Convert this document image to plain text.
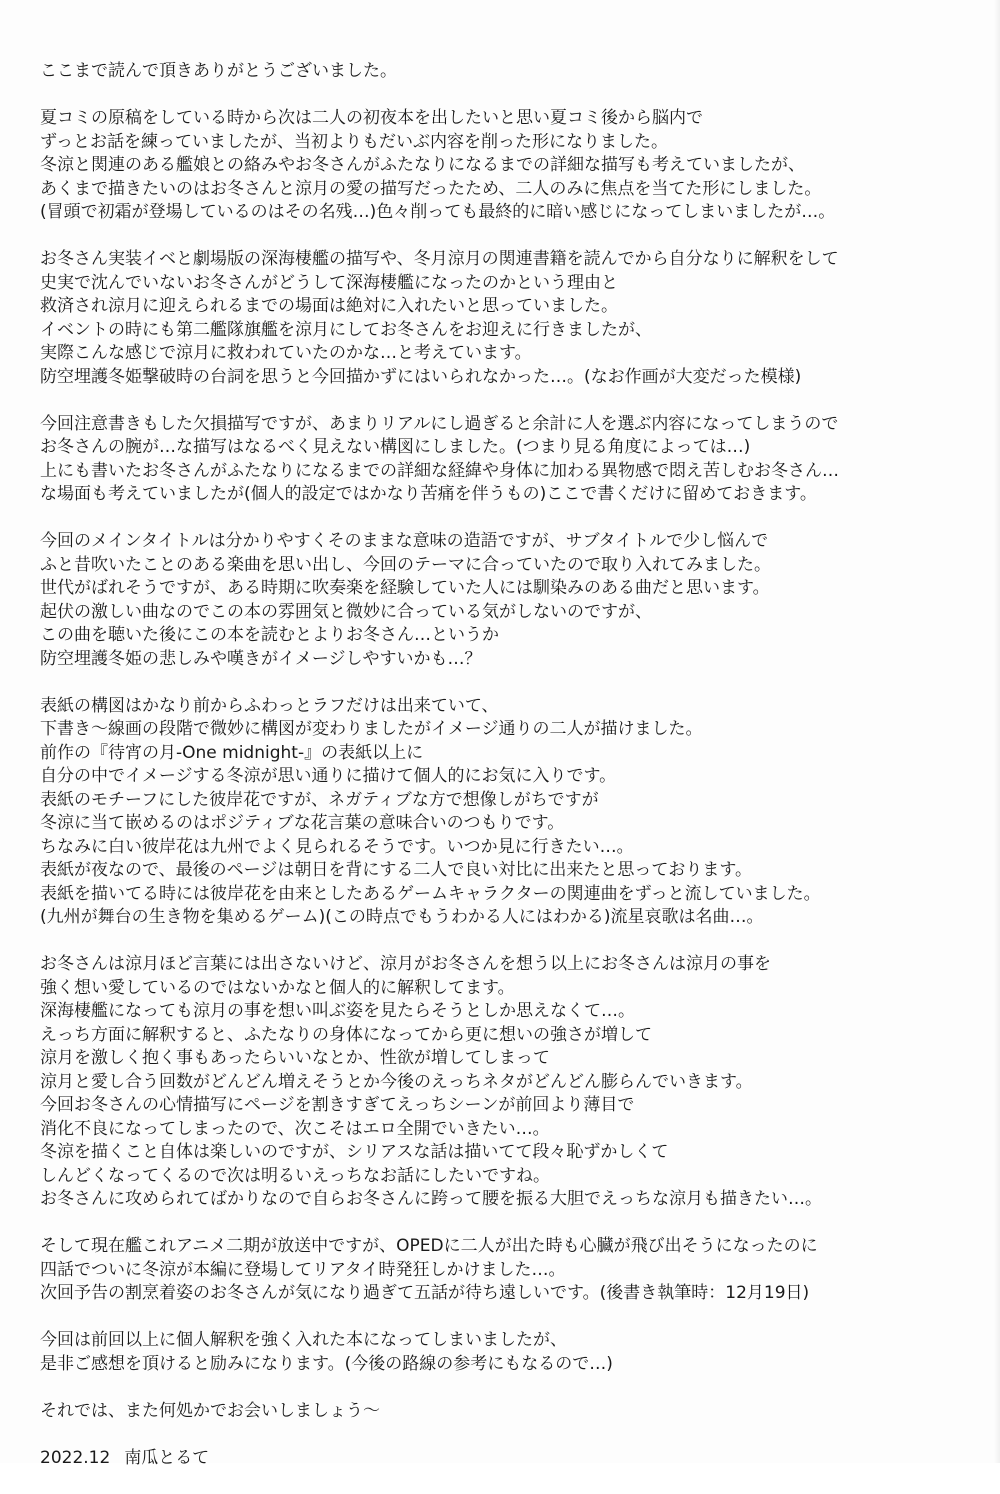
ここまで読んで頂きありがとうございました。
夏コミの原稿をしている時から次は二人の初夜本を出したいと思い夏コミ後から脳内で
ずっとお話を練っていましたが、当初よりもだいぶ内容を削った形になりました。
冬涼と関連のある艦娘との絡みやお冬さんがふたなりになるまでの詳細な描写も考えていましたが、
あくまで描きたいのはお冬さんと涼月の愛の描写だったため、二人のみに焦点を当てた形にしました。
(冒頭で初霜が登場しているのはその名残…)色々削っても最終的に暗い感じになってしまいましたが…。
お冬さん実装イベと劇場版の深海棲艦の描写や、冬月涼月の関連書籍を読んでから自分なりに解釈をして
史実で沈んでいないお冬さんがどうして深海棲艦になったのかという理由と
救済され涼月に迎えられるまでの場面は絶対に入れたいと思っていました。
イベントの時にも第二艦隊旗艦を涼月にしてお冬さんをお迎えに行きましたが、
実際こんな感じで涼月に救われていたのかな…と考えています。
防空埋護冬姫撃破時の台詞を思うと今回描かずにはいられなかった…。(なお作画が大変だった模様)
今回注意書きもした欠損描写ですが、あまりリアルにし過ぎると余計に人を選ぶ内容になってしまうので
お冬さんの腕が…な描写はなるべく見えない構図にしました。(つまり見る角度によっては…)
上にも書いたお冬さんがふたなりになるまでの詳細な経緯や身体に加わる異物感で悶え苦しむお冬さん…
な場面も考えていましたが(個人的設定ではかなり苦痛を伴うもの)ここで書くだけに留めておきます。
今回のメインタイトルは分かりやすくそのままな意味の造語ですが、サブタイトルで少し悩んで
ふと昔吹いたことのある楽曲を思い出し、今回のテーマに合っていたので取り入れてみました。
世代がばれそうですが、ある時期に吹奏楽を経験していた人には馴染みのある曲だと思います。
起伏の激しい曲なのでこの本の雰囲気と微妙に合っている気がしないのですが、
この曲を聴いた後にこの本を読むとよりお冬さん…というか
防空埋護冬姫の悲しみや嘆きがイメージしやすいかも…？
表紙の構図はかなり前からふわっとラフだけは出来ていて、
下書き～線画の段階で微妙に構図が変わりましたがイメージ通りの二人が描けました。
前作の『待宵の月-One midnight-』の表紙以上に
自分の中でイメージする冬涼が思い通りに描けて個人的にお気に入りです。
表紙のモチーフにした彼岸花ですが、ネガティブな方で想像しがちですが
冬涼に当て嵌めるのはポジティブな花言葉の意味合いのつもりです。
ちなみに白い彼岸花は九州でよく見られるそうです。いつか見に行きたい…。
表紙が夜なので、最後のページは朝日を背にする二人で良い対比に出来たと思っております。
表紙を描いてる時には彼岸花を由来としたあるゲームキャラクターの関連曲をずっと流していました。
(九州が舞台の生き物を集めるゲーム)(この時点でもうわかる人にはわかる)流星哀歌は名曲…。
お冬さんは涼月ほど言葉には出さないけど、涼月がお冬さんを想う以上にお冬さんは涼月の事を
強く想い愛しているのではないかなと個人的に解釈してます。
深海棲艦になっても涼月の事を想い叫ぶ姿を見たらそうとしか思えなくて…。
えっち方面に解釈すると、ふたなりの身体になってから更に想いの強さが増して
涼月を激しく抱く事もあったらいいなとか、性欲が増してしまって
涼月と愛し合う回数がどんどん増えそうとか今後のえっちネタがどんどん膨らんでいきます。
今回お冬さんの心情描写にページを割きすぎてえっちシーンが前回より薄目で
消化不良になってしまったので、次こそはエロ全開でいきたい…。
冬涼を描くこと自体は楽しいのですが、シリアスな話は描いてて段々恥ずかしくて
しんどくなってくるので次は明るいえっちなお話にしたいですね。
お冬さんに攻められてばかりなので自らお冬さんに跨って腰を振る大胆でえっちな涼月も描きたい…。
そして現在艦これアニメ二期が放送中ですが、OPEDに二人が出た時も心臓が飛び出そうになったのに
四話でついに冬涼が本編に登場してリアタイ時発狂しかけました…。
次回予告の割烹着姿のお冬さんが気になり過ぎて五話が待ち遠しいです。(後書き執筆時：12月19日)
今回は前回以上に個人解釈を強く入れた本になってしまいましたが、
是非ご感想を頂けると励みになります。(今後の路線の参考にもなるので…)
それでは、また何処かでお会いしましょう～
2022.12 南瓜とるて
